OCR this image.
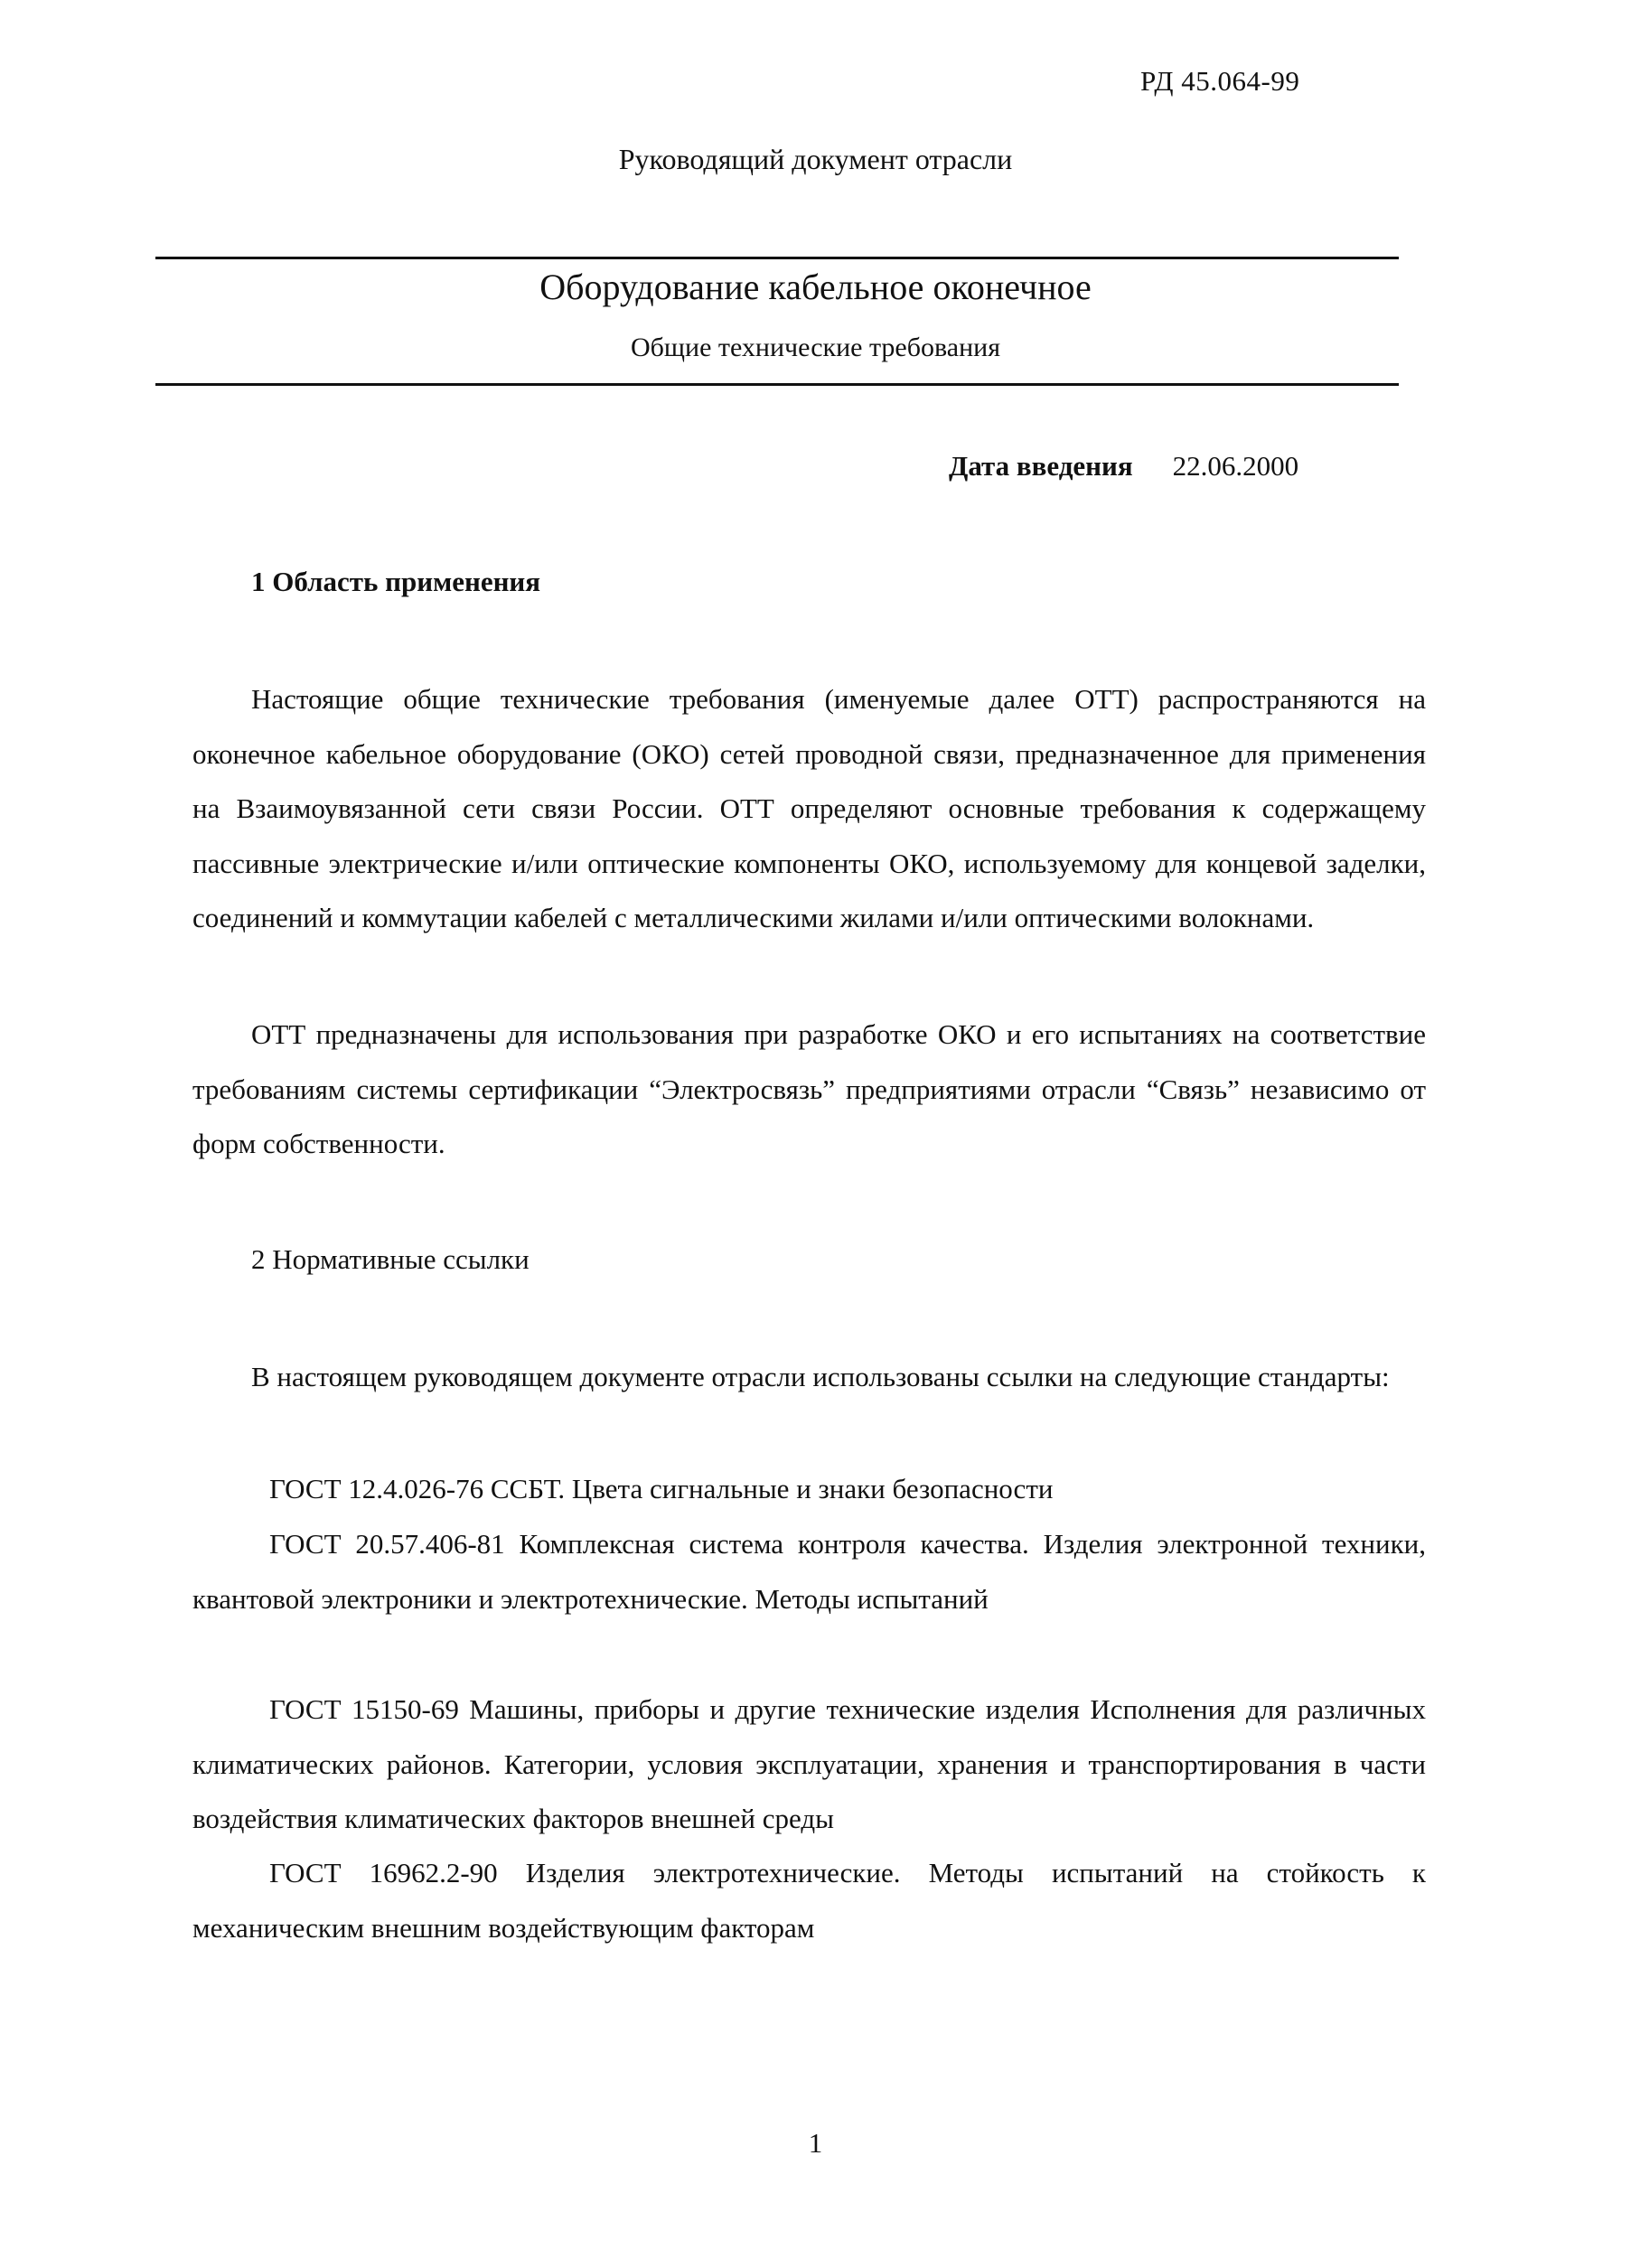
РД 45.064-99
Руководящий документ отрасли
Оборудование кабельное оконечное
Общие технические требования
Дата введения 22.06.2000
1 Область применения
Настоящие общие технические требования (именуемые далее ОТТ) распространяются на оконечное кабельное оборудование (ОКО) сетей проводной связи, предназначенное для применения на Взаимоувязанной сети связи России. ОТТ определяют основные требования к содержащему пассивные электрические и/или оптические компоненты ОКО, используемому для концевой заделки, соединений и коммутации кабелей с металлическими жилами и/или оптическими волокнами.
ОТТ предназначены для использования при разработке ОКО и его испытаниях на соответствие требованиям системы сертификации “Электросвязь” предприятиями отрасли “Связь” независимо от форм собственности.
2 Нормативные ссылки
В настоящем руководящем документе отрасли использованы ссылки на следующие стандарты:
ГОСТ 12.4.026-76 ССБТ. Цвета сигнальные и знаки безопасности
ГОСТ 20.57.406-81 Комплексная система контроля качества. Изделия электронной техники, квантовой электроники и электротехнические. Методы испытаний
ГОСТ 15150-69 Машины, приборы и другие технические изделия Исполнения для различных климатических районов. Категории, условия эксплуатации, хранения и транспортирования в части воздействия климатических факторов внешней среды
ГОСТ 16962.2-90 Изделия электротехнические. Методы испытаний на стойкость к механическим внешним воздействующим факторам
1
